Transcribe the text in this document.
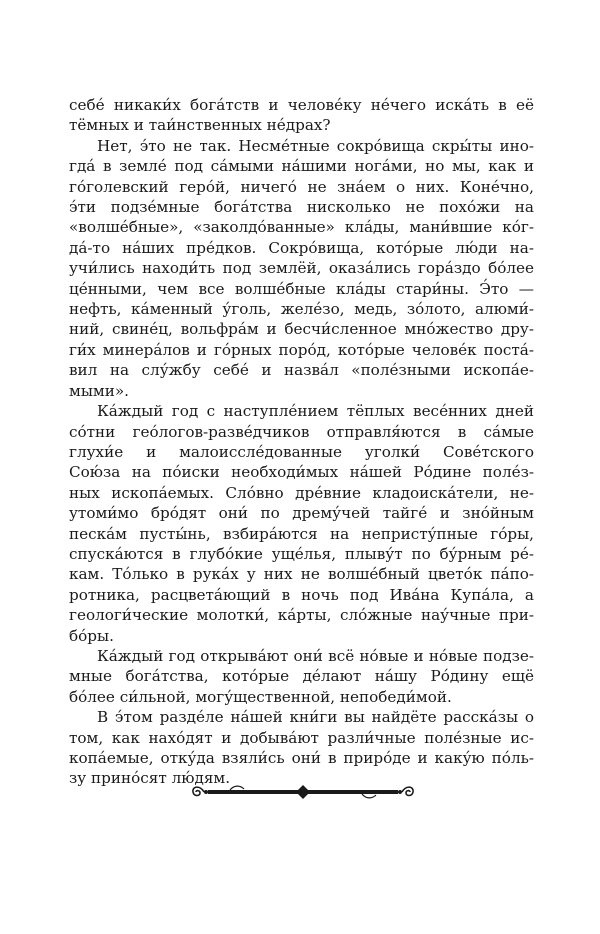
себе́ никаки́х бога́тств и челове́ку не́чего иска́ть в её
тёмных и таи́нственных не́драх?
Нет, э́то не так. Несме́тные сокро́вища скры́ты ино-
гда́ в земле́ под са́мыми на́шими нога́ми, но мы, как и
го́голевский геро́й, ничего́ не зна́ем о них. Коне́чно,
э́ти подзе́мные бога́тства нисколько не похо́жи на
«волше́бные», «заколдо́ванные» кла́ды, мани́вшие ко́г-
да́-то на́ших пре́дков. Сокро́вища, кото́рые лю́ди на-
учи́лись находи́ть под землёй, оказа́лись гора́здо бо́лее
це́нными, чем все волше́бные кла́ды стари́ны. Э́то —
нефть, ка́менный у́голь, желе́зо, медь, зо́лото, алюми́-
ний, свине́ц, вольфра́м и бесчи́сленное мно́жество дру-
ги́х минера́лов и го́рных поро́д, кото́рые челове́к поста́-
вил на слу́жбу себе́ и назва́л «поле́зными ископа́е-
мыми».
Ка́ждый год с наступле́нием тёплых весе́нних дней
со́тни гео́логов-разве́дчиков отправля́ются в са́мые
глухи́е и малоиссле́дованные уголки́ Сове́тского
Сою́за на по́иски необходи́мых на́шей Ро́дине поле́з-
ных ископа́емых. Сло́вно дре́вние кладоиска́тели, не-
утоми́мо бро́дят они́ по дрему́чей тайге́ и зно́йным
песка́м пусты́нь, взбира́ются на непристу́пные го́ры,
спуска́ются в глубо́кие уще́лья, плыву́т по бу́рным ре́-
кам. То́лько в рука́х у них не волше́бный цвето́к па́по-
ротника, расцвета́ющий в ночь под Ива́на Купа́ла, а
геологи́ческие молотки́, ка́рты, сло́жные нау́чные при-
бо́ры.
Ка́ждый год открыва́ют они́ всё но́вые и но́вые подзе-
мные бога́тства, кото́рые де́лают на́шу Ро́дину ещё
бо́лее си́льной, могу́щественной, непобеди́мой.
В э́том разде́ле на́шей кни́ги вы найдёте расска́зы о
том, как нахо́дят и добыва́ют разли́чные поле́зные ис-
копа́емые, отку́да взяли́сь они́ в приро́де и каку́ю по́ль-
зу прино́сят лю́дям.
